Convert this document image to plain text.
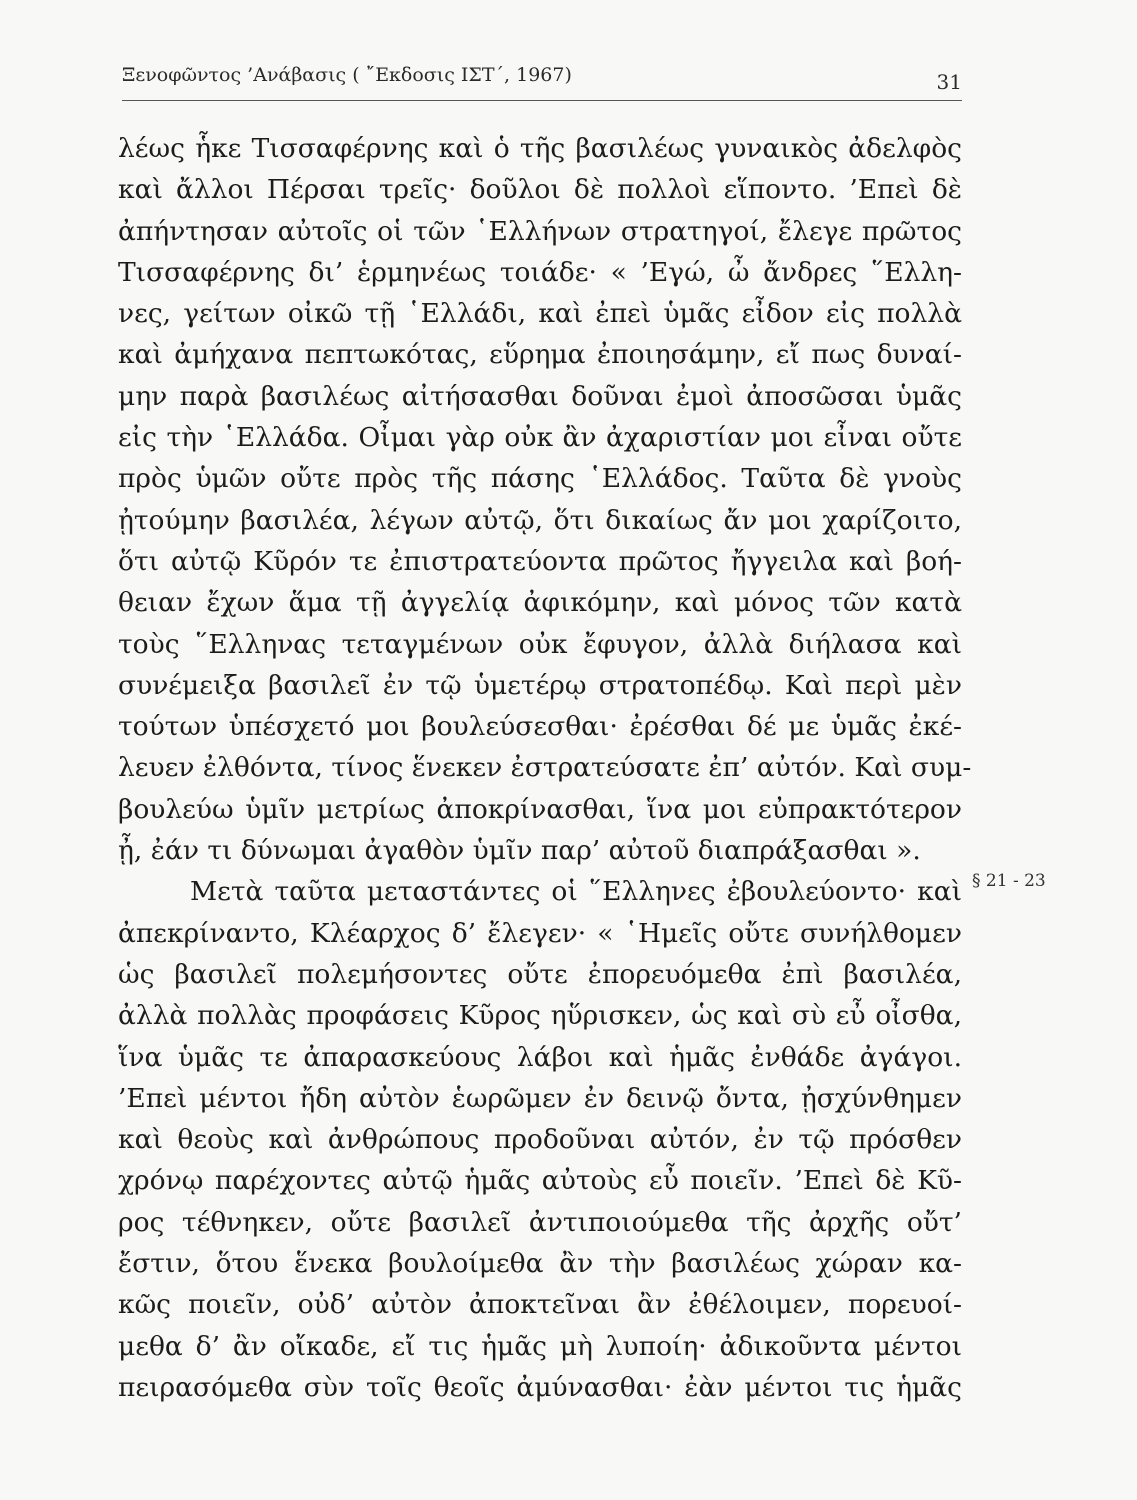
Ξενοφῶντος ’Ανάβασις ( ῎Εκδοσις ΙΣΤ΄, 1967)	31
λέως ἧκε Τισσαφέρνης καὶ ὁ τῆς βασιλέως γυναικὸς ἀδελφὸς
καὶ ἄλλοι Πέρσαι τρεῖς· δοῦλοι δὲ πολλοὶ εἵποντο. ’Επεὶ δὲ
ἀπήντησαν αὐτοῖς οἱ τῶν ῾Ελλήνων στρατηγοί, ἔλεγε πρῶτος
Τισσαφέρνης δι’ ἑρμηνέως τοιάδε· « ’Εγώ, ὦ ἄνδρες ῞Ελλη-
νες, γείτων οἰκῶ τῇ ῾Ελλάδι, καὶ ἐπεὶ ὑμᾶς εἶδον εἰς πολλὰ
καὶ ἀμήχανα πεπτωκότας, εὕρημα ἐποιησάμην, εἴ πως δυναί-
μην παρὰ βασιλέως αἰτήσασθαι δοῦναι ἐμοὶ ἀποσῶσαι ὑμᾶς
εἰς τὴν ῾Ελλάδα. Οἶμαι γὰρ οὐκ ἂν ἀχαριστίαν μοι εἶναι οὔτε
πρὸς ὑμῶν οὔτε πρὸς τῆς πάσης ῾Ελλάδος. Ταῦτα δὲ γνοὺς
ᾐτούμην βασιλέα, λέγων αὐτῷ, ὅτι δικαίως ἄν μοι χαρίζοιτο,
ὅτι αὐτῷ Κῦρόν τε ἐπιστρατεύοντα πρῶτος ἤγγειλα καὶ βοή-
θειαν ἔχων ἅμα τῇ ἀγγελίᾳ ἀφικόμην, καὶ μόνος τῶν κατὰ
τοὺς ῞Ελληνας τεταγμένων οὐκ ἔφυγον, ἀλλὰ διήλασα καὶ
συνέμειξα βασιλεῖ ἐν τῷ ὑμετέρῳ στρατοπέδῳ. Καὶ περὶ μὲν
τούτων ὑπέσχετό μοι βουλεύσεσθαι· ἐρέσθαι δέ με ὑμᾶς ἐκέ-
λευεν ἐλθόντα, τίνος ἕνεκεν ἐστρατεύσατε ἐπ’ αὐτόν. Καὶ συμ-
βουλεύω ὑμῖν μετρίως ἀποκρίνασθαι, ἵνα μοι εὐπρακτότερον
ᾖ, ἐάν τι δύνωμαι ἀγαθὸν ὑμῖν παρ’ αὐτοῦ διαπράξασθαι ».
Μετὰ ταῦτα μεταστάντες οἱ ῞Ελληνες ἐβουλεύοντο· καὶ
ἀπεκρίναντο, Κλέαρχος δ’ ἔλεγεν· « ῾Ημεῖς οὔτε συνήλθομεν
ὡς βασιλεῖ πολεμήσοντες οὔτε ἐπορευόμεθα ἐπὶ βασιλέα,
ἀλλὰ πολλὰς προφάσεις Κῦρος ηὕρισκεν, ὡς καὶ σὺ εὖ οἶσθα,
ἵνα ὑμᾶς τε ἀπαρασκεύους λάβοι καὶ ἡμᾶς ἐνθάδε ἀγάγοι.
’Επεὶ μέντοι ἤδη αὐτὸν ἑωρῶμεν ἐν δεινῷ ὄντα, ᾐσχύνθημεν
καὶ θεοὺς καὶ ἀνθρώπους προδοῦναι αὐτόν, ἐν τῷ πρόσθεν
χρόνῳ παρέχοντες αὐτῷ ἡμᾶς αὐτοὺς εὖ ποιεῖν. ’Επεὶ δὲ Κῦ-
ρος τέθνηκεν, οὔτε βασιλεῖ ἀντιποιούμεθα τῆς ἀρχῆς οὔτ’
ἔστιν, ὅτου ἕνεκα βουλοίμεθα ἂν τὴν βασιλέως χώραν κα-
κῶς ποιεῖν, οὐδ’ αὐτὸν ἀποκτεῖναι ἂν ἐθέλοιμεν, πορευοί-
μεθα δ’ ἂν οἴκαδε, εἴ τις ἡμᾶς μὴ λυποίη· ἀδικοῦντα μέντοι
πειρασόμεθα σὺν τοῖς θεοῖς ἀμύνασθαι· ἐὰν μέντοι τις ἡμᾶς
§ 21 - 23
